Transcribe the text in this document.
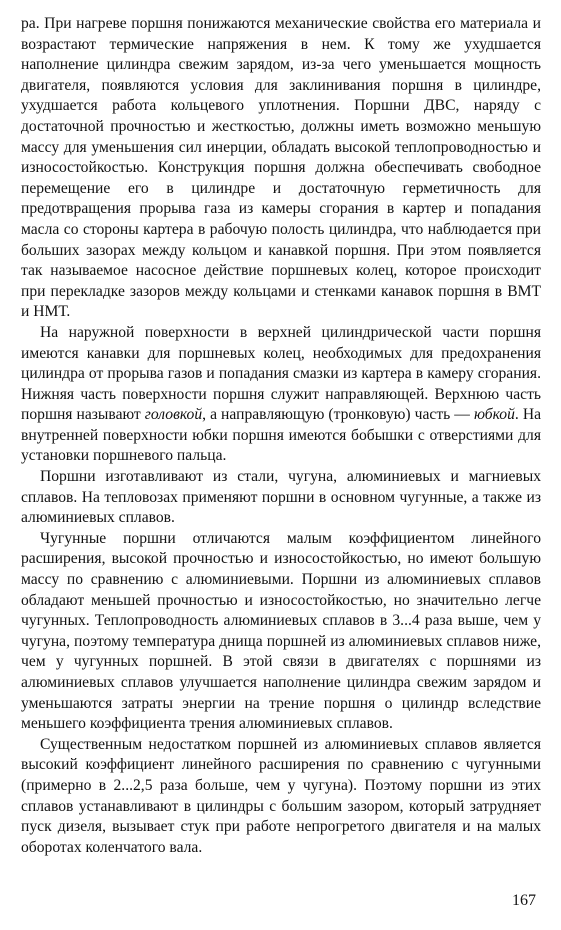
ра. При нагреве поршня понижаются механические свойства его материала и возрастают термические напряжения в нем. К тому же ухудшается наполнение цилиндра свежим зарядом, из-за чего уменьшается мощность двигателя, появляются условия для заклинивания поршня в цилиндре, ухудшается работа кольцевого уплотнения. Поршни ДВС, наряду с достаточной прочностью и жесткостью, должны иметь возможно меньшую массу для уменьшения сил инерции, обладать высокой теплопроводностью и износостойкостью. Конструкция поршня должна обеспечивать свободное перемещение его в цилиндре и достаточную герметичность для предотвращения прорыва газа из камеры сгорания в картер и попадания масла со стороны картера в рабочую полость цилиндра, что наблюдается при больших зазорах между кольцом и канавкой поршня. При этом появляется так называемое насосное действие поршневых колец, которое происходит при перекладке зазоров между кольцами и стенками канавок поршня в ВМТ и НМТ.

На наружной поверхности в верхней цилиндрической части поршня имеются канавки для поршневых колец, необходимых для предохранения цилиндра от прорыва газов и попадания смазки из картера в камеру сгорания. Нижняя часть поверхности поршня служит направляющей. Верхнюю часть поршня называют головкой, а направляющую (тронковую) часть — юбкой. На внутренней поверхности юбки поршня имеются бобышки с отверстиями для установки поршневого пальца.

Поршни изготавливают из стали, чугуна, алюминиевых и магниевых сплавов. На тепловозах применяют поршни в основном чугунные, а также из алюминиевых сплавов.

Чугунные поршни отличаются малым коэффициентом линейного расширения, высокой прочностью и износостойкостью, но имеют большую массу по сравнению с алюминиевыми. Поршни из алюминиевых сплавов обладают меньшей прочностью и износостойкостью, но значительно легче чугунных. Теплопроводность алюминиевых сплавов в 3...4 раза выше, чем у чугуна, поэтому температура днища поршней из алюминиевых сплавов ниже, чем у чугунных поршней. В этой связи в двигателях с поршнями из алюминиевых сплавов улучшается наполнение цилиндра свежим зарядом и уменьшаются затраты энергии на трение поршня о цилиндр вследствие меньшего коэффициента трения алюминиевых сплавов.

Существенным недостатком поршней из алюминиевых сплавов является высокий коэффициент линейного расширения по сравнению с чугунными (примерно в 2...2,5 раза больше, чем у чугуна). Поэтому поршни из этих сплавов устанавливают в цилиндры с большим зазором, который затрудняет пуск дизеля, вызывает стук при работе непрогретого двигателя и на малых оборотах коленчатого вала.

167
